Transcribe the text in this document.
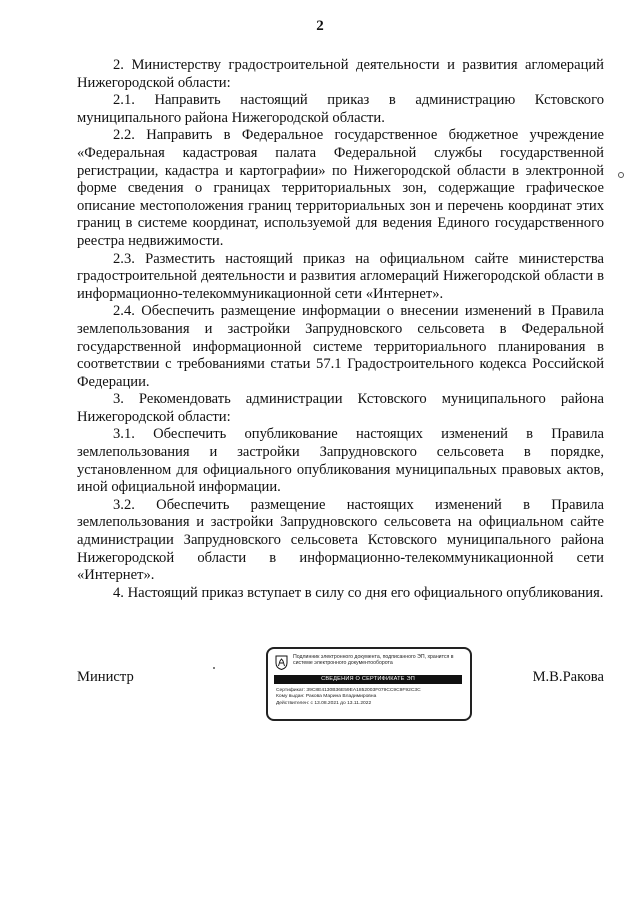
2

2. Министерству градостроительной деятельности и развития агломераций Нижегородской области:

2.1. Направить настоящий приказ в администрацию Кстовского муниципального района Нижегородской области.

2.2. Направить в Федеральное государственное бюджетное учреждение «Федеральная кадастровая палата Федеральной службы государственной регистрации, кадастра и картографии» по Нижегородской области в электронной форме сведения о границах территориальных зон, содержащие графическое описание местоположения границ территориальных зон и перечень координат этих границ в системе координат, используемой для ведения Единого государственного реестра недвижимости.

2.3. Разместить настоящий приказ на официальном сайте министерства градостроительной деятельности и развития агломераций Нижегородской области в информационно-телекоммуникационной сети «Интернет».

2.4. Обеспечить размещение информации о внесении изменений в Правила землепользования и застройки Запрудновского сельсовета в Федеральной государственной информационной системе территориального планирования в соответствии с требованиями статьи 57.1 Градостроительного кодекса Российской Федерации.

3. Рекомендовать администрации Кстовского муниципального района Нижегородской области:

3.1. Обеспечить опубликование настоящих изменений в Правила землепользования и застройки Запрудновского сельсовета в порядке, установленном для официального опубликования муниципальных правовых актов, иной официальной информации.

3.2. Обеспечить размещение настоящих изменений в Правила землепользования и застройки Запрудновского сельсовета на официальном сайте администрации Запрудновского сельсовета Кстовского муниципального района Нижегородской области в информационно-телекоммуникационной сети «Интернет».

4. Настоящий приказ вступает в силу со дня его официального опубликования.

Министр	М.В.Ракова
Подлинник электронного документа, подписанного ЭП, хранится в системе электронного документооборота
СВЕДЕНИЯ О СЕРТИФИКАТЕ ЭП
Сертификат: 39C8E4130B36E59EA1852003F079CC9C9F92C3C
Кому выдан: Ракова Марина Владимировна
Действителен: с 13.08.2021 до 13.11.2022
